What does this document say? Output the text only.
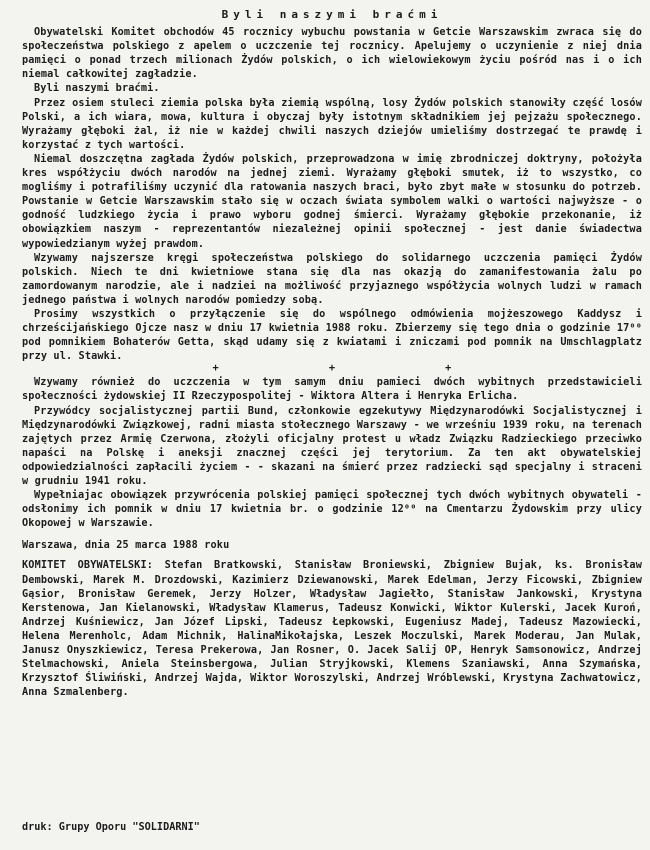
Byli naszymi braćmi

Obywatelski Komitet obchodów 45 rocznicy wybuchu powstania w Getcie Warszawskim zwraca się do społeczeństwa polskiego z apelem o uczczenie tej rocznicy. Apelujemy o uczynienie z niej dnia pamięci o ponad trzech milionach Żydów polskich, o ich wielowiekowym życiu pośród nas i o ich niemal całkowitej zagładzie.

Byli naszymi braćmi.

Przez osiem stuleci ziemia polska była ziemią wspólną, losy Żydów polskich stanowiły część losów Polski, a ich wiara, mowa, kultura i obyczaj były istotnym składnikiem jej pejzażu społecznego. Wyrażamy głęboki żal, iż nie w każdej chwili naszych dziejów umieliśmy dostrzegać te prawdę i korzystać z tych wartości.

Niemal doszczętna zagłada Żydów polskich, przeprowadzona w imię zbrodniczej doktryny, położyła kres współżyciu dwóch narodów na jednej ziemi. Wyrażamy głęboki smutek, iż to wszystko, co mogliśmy i potrafiliśmy uczynić dla ratowania naszych braci, było zbyt małe w stosunku do potrzeb. Powstanie w Getcie Warszawskim stało się w oczach świata symbolem walki o wartości najwyższe - o godność ludzkiego życia i prawo wyboru godnej śmierci. Wyrażamy głębokie przekonanie, iż obowiązkiem naszym - reprezentantów niezależnej opinii społecznej - jest danie świadectwa wypowiedzianym wyżej prawdom.

Wzywamy najszersze kręgi społeczeństwa polskiego do solidarnego uczczenia pamięci Żydów polskich. Niech te dni kwietniowe stana się dla nas okazją do zamanifestowania żalu po zamordowanym narodzie, ale i nadziei na możliwość przyjaznego współżycia wolnych ludzi w ramach jednego państwa i wolnych narodów pomiedzy sobą.

Prosimy wszystkich o przyłączenie się do wspólnego odmówienia mojżeszowego Kaddysz i chrześcijańskiego Ojcze nasz w dniu 17 kwietnia 1988 roku. Zbierzemy się tego dnia o godzinie 17⁰⁰ pod pomnikiem Bohaterów Getta, skąd udamy się z kwiatami i zniczami pod pomnik na Umschlagplatz przy ul. Stawki.

+	+	+

Wzywamy również do uczczenia w tym samym dniu pamieci dwóch wybitnych przedstawicieli społeczności żydowskiej II Rzeczypospolitej - Wiktora Altera i Henryka Erlicha.

Przywódcy socjalistycznej partii Bund, członkowie egzekutywy Międzynarodówki Socjalistycznej i Międzynarodówki Związkowej, radni miasta stołecznego Warszawy - we wrześniu 1939 roku, na terenach zajętych przez Armię Czerwona, złożyli oficjalny protest u władz Związku Radzieckiego przeciwko napaści na Polskę i aneksji znacznej części jej terytorium. Za ten akt obywatelskiej odpowiedzialności zapłacili życiem - - skazani na śmierć przez radziecki sąd specjalny i straceni w grudniu 1941 roku.

Wypełniajac obowiązek przywrócenia polskiej pamięci społecznej tych dwóch wybitnych obywateli - odsłonimy ich pomnik w dniu 17 kwietnia br. o godzinie 12⁰⁰ na Cmentarzu Żydowskim przy ulicy Okopowej w Warszawie.

Warszawa, dnia 25 marca 1988 roku

KOMITET OBYWATELSKI: Stefan Bratkowski, Stanisław Broniewski, Zbigniew Bujak, ks. Bronisław Dembowski, Marek M. Drozdowski, Kazimierz Dziewanowski, Marek Edelman, Jerzy Ficowski, Zbigniew Gąsior, Bronisław Geremek, Jerzy Holzer, Władysław Jagiełło, Stanisław Jankowski, Krystyna Kerstenowa, Jan Kielanowski, Władysław Klamerus, Tadeusz Konwicki, Wiktor Kulerski, Jacek Kuroń, Andrzej Kuśniewicz, Jan Józef Lipski, Tadeusz Łepkowski, Eugeniusz Madej, Tadeusz Mazowiecki, Helena Merenholc, Adam Michnik, HalinaMikołajska, Leszek Moczulski, Marek Moderau, Jan Mulak, Janusz Onyszkiewicz, Teresa Prekerowa, Jan Rosner, O. Jacek Salij OP, Henryk Samsonowicz, Andrzej Stelmachowski, Aniela Steinsbergowa, Julian Stryjkowski, Klemens Szaniawski, Anna Szymańska, Krzysztof Śliwiński, Andrzej Wajda, Wiktor Woroszylski, Andrzej Wróblewski, Krystyna Zachwatowicz, Anna Szmalenberg.

druk: Grupy Oporu "SOLIDARNI"
